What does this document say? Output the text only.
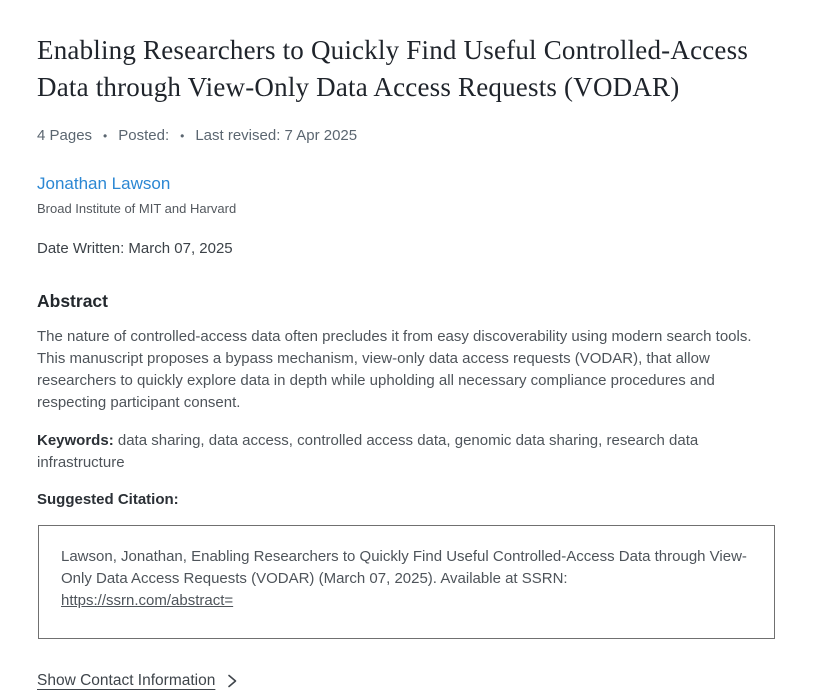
Enabling Researchers to Quickly Find Useful Controlled-Access Data through View-Only Data Access Requests (VODAR)
4 Pages • Posted: • Last revised: 7 Apr 2025
Jonathan Lawson
Broad Institute of MIT and Harvard
Date Written: March 07, 2025
Abstract

The nature of controlled-access data often precludes it from easy discoverability using modern search tools. This manuscript proposes a bypass mechanism, view-only data access requests (VODAR), that allow researchers to quickly explore data in depth while upholding all necessary compliance procedures and respecting participant consent.

Keywords: data sharing, data access, controlled access data, genomic data sharing, research data infrastructure

Suggested Citation:
Lawson, Jonathan, Enabling Researchers to Quickly Find Useful Controlled-Access Data through View-Only Data Access Requests (VODAR) (March 07, 2025). Available at SSRN:
https://ssrn.com/abstract=
Show Contact Information
